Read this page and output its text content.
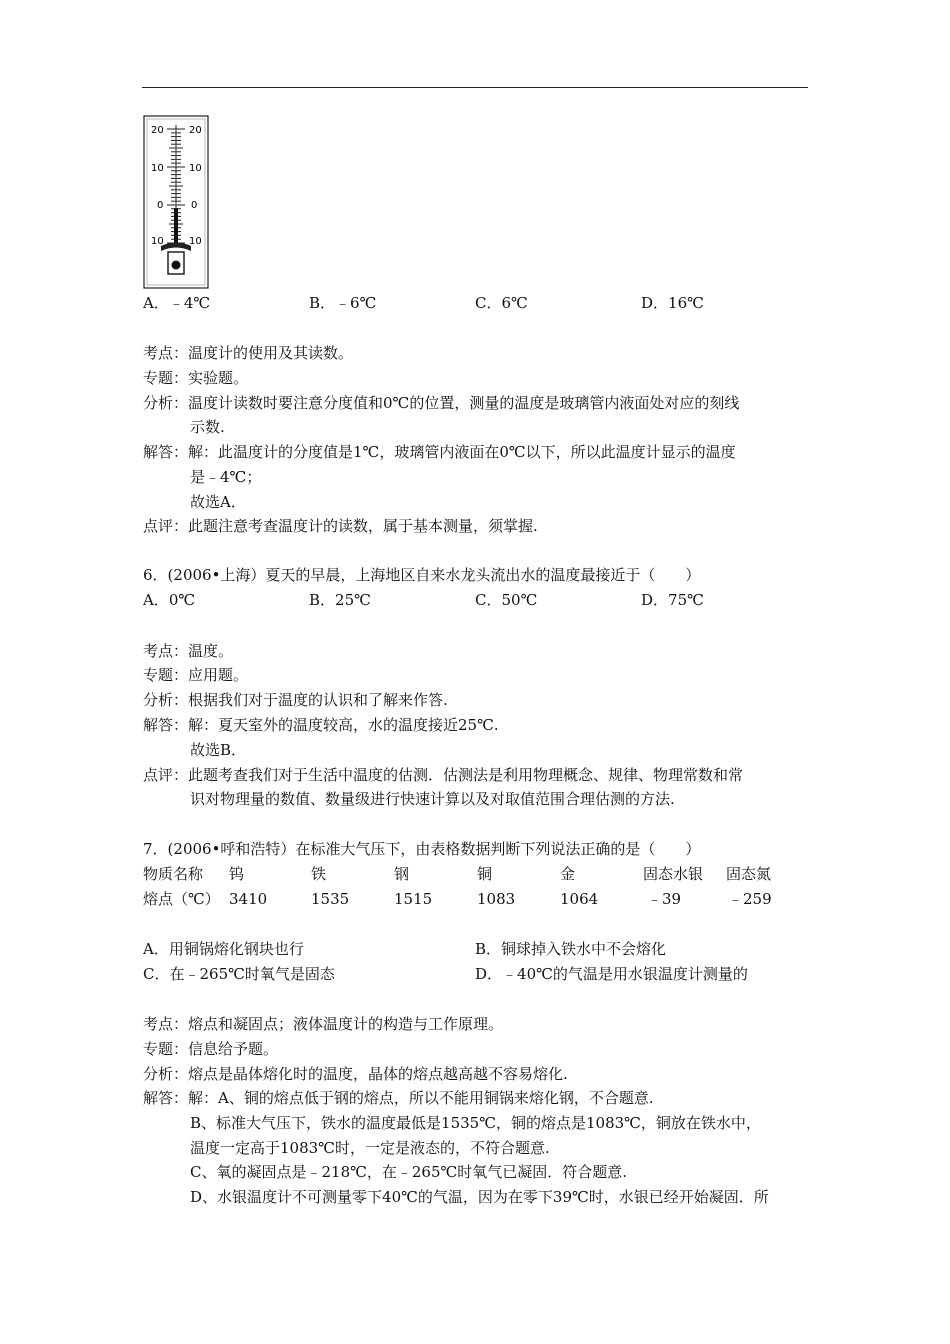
20	20
10	10
0	0
10	10
A．﹣4℃	B．﹣6℃	C．6℃	D．16℃
考点：温度计的使用及其读数。
专题：实验题。
分析：温度计读数时要注意分度值和0℃的位置，测量的温度是玻璃管内液面处对应的刻线
示数.
解答：解：此温度计的分度值是1℃，玻璃管内液面在0℃以下，所以此温度计显示的温度
是﹣4℃；
故选A．
点评：此题注意考查温度计的读数，属于基本测量，须掌握.
6．(2006•上海）夏天的早晨，上海地区自来水龙头流出水的温度最接近于（　　）
A．0℃	B．25℃	C．50℃	D．75℃
考点：温度。
专题：应用题。
分析：根据我们对于温度的认识和了解来作答.
解答：解：夏天室外的温度较高，水的温度接近25℃.
故选B．
点评：此题考查我们对于生活中温度的估测．估测法是利用物理概念、规律、物理常数和常
识对物理量的数值、数量级进行快速计算以及对取值范围合理估测的方法.
7．(2006•呼和浩特）在标准大气压下，由表格数据判断下列说法正确的是（　　）
物质名称 钨	铁	钢	铜	金	固态水银 固态氮
熔点（℃） 3410	1535	1515	1083	1064	﹣39	﹣259
A．用铜锅熔化钢块也行	B．铜球掉入铁水中不会熔化
C．在﹣265℃时氧气是固态	D．﹣40℃的气温是用水银温度计测量的
考点：熔点和凝固点；液体温度计的构造与工作原理。
专题：信息给予题。
分析：熔点是晶体熔化时的温度，晶体的熔点越高越不容易熔化.
解答：解：A、铜的熔点低于钢的熔点，所以不能用铜锅来熔化钢，不合题意.
B、标准大气压下，铁水的温度最低是1535℃，铜的熔点是1083℃，铜放在铁水中，
温度一定高于1083℃时，一定是液态的，不符合题意.
C、氧的凝固点是﹣218℃，在﹣265℃时氧气已凝固．符合题意.
D、水银温度计不可测量零下40℃的气温，因为在零下39℃时，水银已经开始凝固．所
